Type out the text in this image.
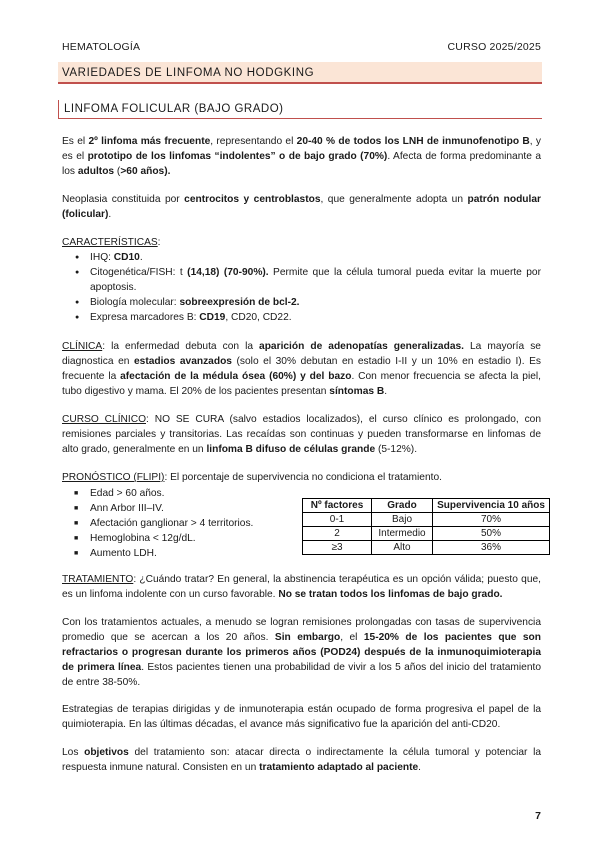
HEMATOLOGÍA	CURSO 2025/2025
VARIEDADES DE LINFOMA NO HODGKING
LINFOMA FOLICULAR (BAJO GRADO)
Es el 2º linfoma más frecuente, representando el 20-40 % de todos los LNH de inmunofenotipo B, y es el prototipo de los linfomas “indolentes” o de bajo grado (70%). Afecta de forma predominante a los adultos (>60 años).
Neoplasia constituida por centrocitos y centroblastos, que generalmente adopta un patrón nodular (folicular).
CARACTERÍSTICAS:
● IHQ: CD10.
● Citogenética/FISH: t (14,18) (70-90%). Permite que la célula tumoral pueda evitar la muerte por apoptosis.
● Biología molecular: sobreexpresión de bcl-2.
● Expresa marcadores B: CD19, CD20, CD22.
CLÍNICA: la enfermedad debuta con la aparición de adenopatías generalizadas. La mayoría se diagnostica en estadios avanzados (solo el 30% debutan en estadio I-II y un 10% en estadio I). Es frecuente la afectación de la médula ósea (60%) y del bazo. Con menor frecuencia se afecta la piel, tubo digestivo y mama. El 20% de los pacientes presentan síntomas B.
CURSO CLÍNICO: NO SE CURA (salvo estadios localizados), el curso clínico es prolongado, con remisiones parciales y transitorias. Las recaídas son continuas y pueden transformarse en linfomas de alto grado, generalmente en un linfoma B difuso de células grande (5-12%).
PRONÓSTICO (FLIPI): El porcentaje de supervivencia no condiciona el tratamiento.
■ Edad > 60 años.
■ Ann Arbor III–IV.
■ Afectación ganglionar > 4 territorios.
■ Hemoglobina < 12g/dL.
■ Aumento LDH.
Nº factores	Grado	Supervivencia 10 años
0-1	Bajo	70%
2	Intermedio	50%
≥3	Alto	36%
TRATAMIENTO: ¿Cuándo tratar? En general, la abstinencia terapéutica es un opción válida; puesto que, es un linfoma indolente con un curso favorable. No se tratan todos los linfomas de bajo grado.
Con los tratamientos actuales, a menudo se logran remisiones prolongadas con tasas de supervivencia promedio que se acercan a los 20 años. Sin embargo, el 15-20% de los pacientes que son refractarios o progresan durante los primeros años (POD24) después de la inmunoquimioterapia de primera línea. Estos pacientes tienen una probabilidad de vivir a los 5 años del inicio del tratamiento de entre 38-50%.
Estrategias de terapias dirigidas y de inmunoterapia están ocupado de forma progresiva el papel de la quimioterapia. En las últimas décadas, el avance más significativo fue la aparición del anti-CD20.
Los objetivos del tratamiento son: atacar directa o indirectamente la célula tumoral y potenciar la respuesta inmune natural. Consisten en un tratamiento adaptado al paciente.
7
